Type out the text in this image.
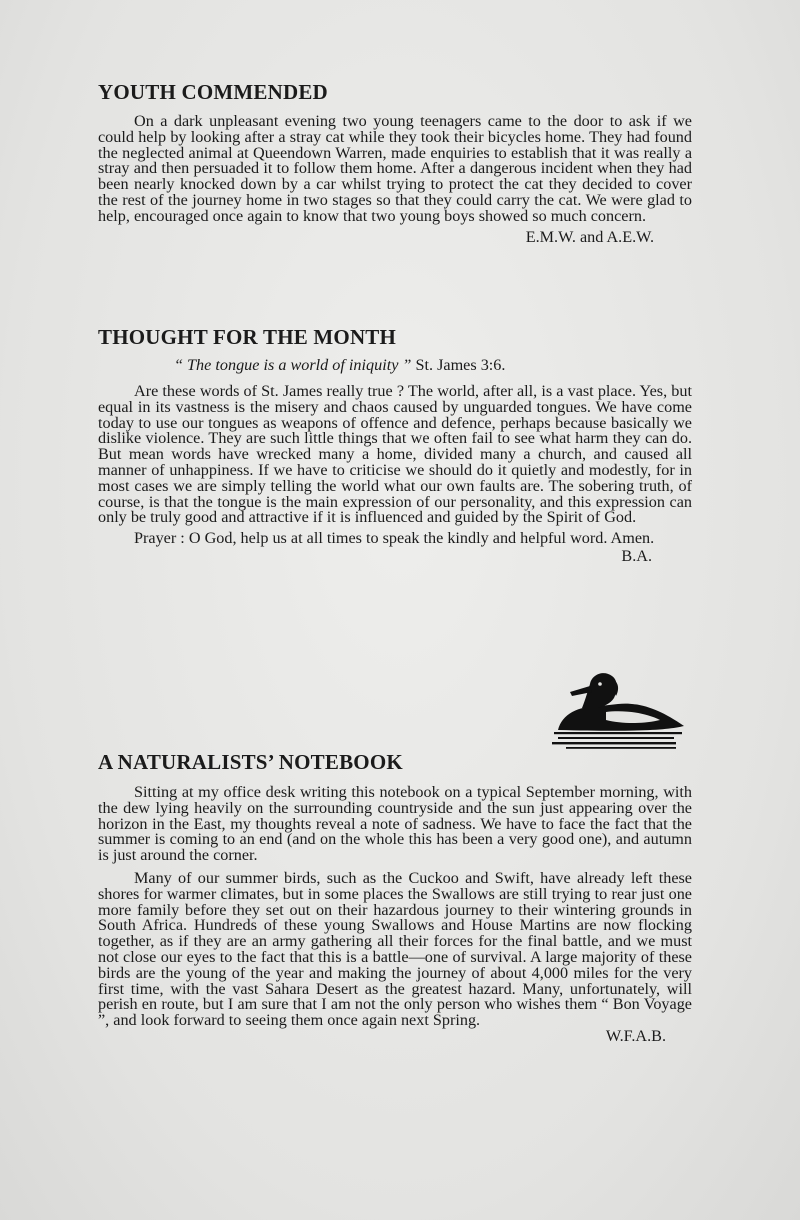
YOUTH COMMENDED

On a dark unpleasant evening two young teenagers came to the door to ask if we could help by looking after a stray cat while they took their bicycles home. They had found the neglected animal at Queendown Warren, made enquiries to establish that it was really a stray and then persuaded it to follow them home. After a dangerous incident when they had been nearly knocked down by a car whilst trying to protect the cat they decided to cover the rest of the journey home in two stages so that they could carry the cat. We were glad to help, encouraged once again to know that two young boys showed so much concern.

E.M.W. and A.E.W.
THOUGHT FOR THE MONTH
“ The tongue is a world of iniquity ” St. James 3:6.

Are these words of St. James really true ? The world, after all, is a vast place. Yes, but equal in its vastness is the misery and chaos caused by unguarded tongues. We have come today to use our tongues as weapons of offence and defence, perhaps because basically we dislike violence. They are such little things that we often fail to see what harm they can do. But mean words have wrecked many a home, divided many a church, and caused all manner of unhappiness. If we have to criticise we should do it quietly and modestly, for in most cases we are simply telling the world what our own faults are. The sobering truth, of course, is that the tongue is the main expression of our personality, and this expression can only be truly good and attractive if it is influenced and guided by the Spirit of God.

Prayer : O God, help us at all times to speak the kindly and helpful word. Amen.

B.A.
A NATURALISTS’ NOTEBOOK

Sitting at my office desk writing this notebook on a typical September morning, with the dew lying heavily on the surrounding countryside and the sun just appearing over the horizon in the East, my thoughts reveal a note of sadness. We have to face the fact that the summer is coming to an end (and on the whole this has been a very good one), and autumn is just around the corner.

Many of our summer birds, such as the Cuckoo and Swift, have already left these shores for warmer climates, but in some places the Swallows are still trying to rear just one more family before they set out on their hazardous journey to their wintering grounds in South Africa. Hundreds of these young Swallows and House Martins are now flocking together, as if they are an army gathering all their forces for the final battle, and we must not close our eyes to the fact that this is a battle—one of survival. A large majority of these birds are the young of the year and making the journey of about 4,000 miles for the very first time, with the vast Sahara Desert as the greatest hazard. Many, unfortunately, will perish en route, but I am sure that I am not the only person who wishes them “ Bon Voyage ”, and look forward to seeing them once again next Spring.

W.F.A.B.
